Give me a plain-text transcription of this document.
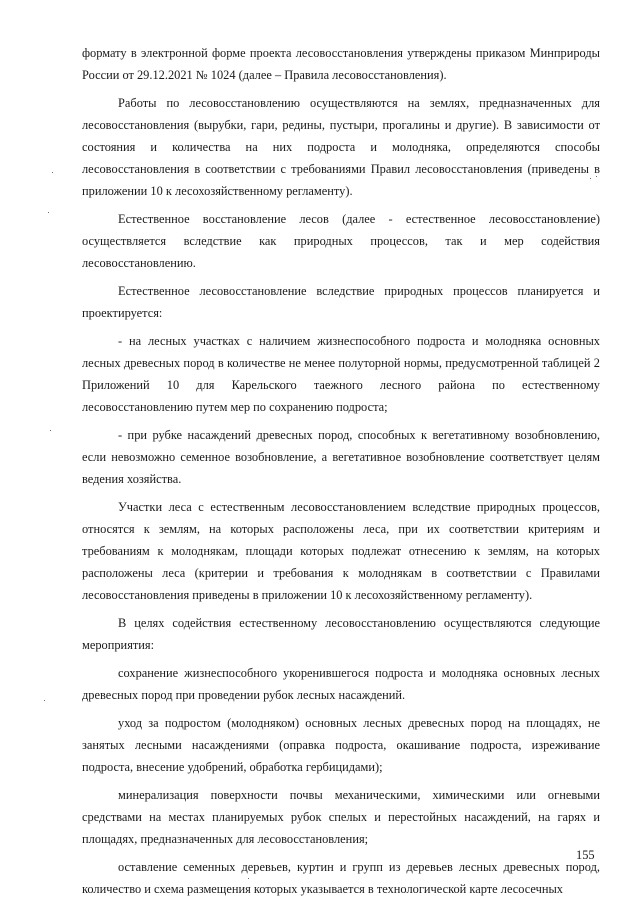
формату в электронной форме проекта лесовосстановления утверждены приказом Минприроды России от 29.12.2021 № 1024 (далее – Правила лесовосстановления).

Работы по лесовосстановлению осуществляются на землях, предназначенных для лесовосстановления (вырубки, гари, редины, пустыри, прогалины и другие). В зависимости от состояния и количества на них подроста и молодняка, определяются способы лесовосстановления в соответствии с требованиями Правил лесовосстановления (приведены в приложении 10 к лесохозяйственному регламенту).

Естественное восстановление лесов (далее - естественное лесовосстановление) осуществляется вследствие как природных процессов, так и мер содействия лесовосстановлению.

Естественное лесовосстановление вследствие природных процессов планируется и проектируется:

- на лесных участках с наличием жизнеспособного подроста и молодняка основных лесных древесных пород в количестве не менее полуторной нормы, предусмотренной таблицей 2 Приложений 10 для Карельского таежного лесного района по естественному лесовосстановлению путем мер по сохранению подроста;

- при рубке насаждений древесных пород, способных к вегетативному возобновлению, если невозможно семенное возобновление, а вегетативное возобновление соответствует целям ведения хозяйства.

Участки леса с естественным лесовосстановлением вследствие природных процессов, относятся к землям, на которых расположены леса, при их соответствии критериям и требованиям к молоднякам, площади которых подлежат отнесению к землям, на которых расположены леса (критерии и требования к молоднякам в соответствии с Правилами лесовосстановления приведены в приложении 10 к лесохозяйственному регламенту).

В целях содействия естественному лесовосстановлению осуществляются следующие мероприятия:

сохранение жизнеспособного укоренившегося подроста и молодняка основных лесных древесных пород при проведении рубок лесных насаждений.

уход за подростом (молодняком) основных лесных древесных пород на площадях, не занятых лесными насаждениями (оправка подроста, окашивание подроста, изреживание подроста, внесение удобрений, обработка гербицидами);

минерализация поверхности почвы механическими, химическими или огневыми средствами на местах планируемых рубок спелых и перестойных насаждений, на гарях и площадях, предназначенных для лесовосстановления;

оставление семенных деревьев, куртин и групп из деревьев лесных древесных пород, количество и схема размещения которых указывается в технологической карте лесосечных

155
